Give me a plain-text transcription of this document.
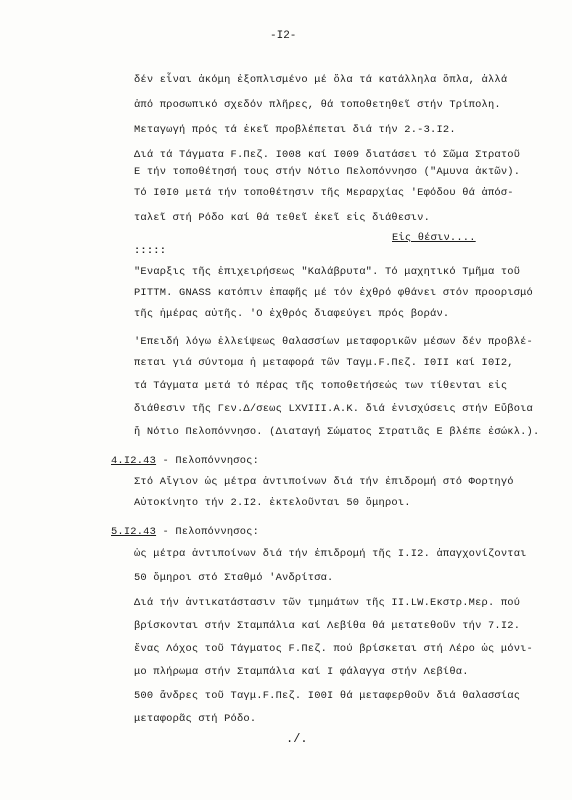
-I2-
δέν εἶναι ἀκόμη ἐξοπλισμένο μέ ὅλα τά κατάλληλα ὅπλα, ἀλλά
ἀπό προσωπικό σχεδόν πλῆρες, θά τοποθετηθεῖ στήν Τρίπολη.
Μεταγωγή πρός τά ἐκεῖ προβλέπεται διά τήν 2.-3.I2.
Διά τά Τάγματα F.Πεζ. I008 καί I009 διατάσει τό Σῶμα Στρατοῦ
Ε τήν τοποθέτησή τους στήν Νότιο Πελοπόννησο ("Αμυνα ἀκτῶν).
Τό I0I0 μετά τήν τοποθέτησιν τῆς Μεραρχίας 'Εφόδου θά ἀπόσ-
ταλεῖ στή Ρόδο καί θά τεθεῖ ἐκεῖ εἰς διάθεσιν.
Εἰς θέσιν....
:::::
"Εναρξις τῆς ἐπιχειρήσεως "Καλάβρυτα". Τό μαχητικό Τμῆμα τοῦ
PITTM. GNASS κατόπιν ἐπαφῆς μέ τόν ἐχθρό φθάνει στόν προορισμό
τῆς ἡμέρας αὐτῆς. 'Ο ἐχθρός διαφεύγει πρός βοράν.
'Επειδή λόγω ἐλλείψεως θαλασσίων μεταφορικῶν μέσων δέν προβλέ-
πεται γιά σύντομα ἡ μεταφορά τῶν Ταγμ.F.Πεζ. I0II καί I0I2,
τά Τάγματα μετά τό πέρας τῆς τοποθετήσεώς των τίθενται εἰς
διάθεσιν τῆς Γεν.Δ/σεως LXVIII.Α.Κ. διά ἐνισχύσεις στήν Εὔβοια
ἤ Νότιο Πελοπόννησο. (Διαταγή Σώματος Στρατιᾶς Ε βλέπε ἐσώκλ.).
4.I2.43 - Πελοπόννησος:
Στό Αἴγιον ὡς μέτρα ἀντιποίνων διά τήν ἐπιδρομή στό Φορτηγό
Αὐτοκίνητο τήν 2.I2. ἐκτελοῦνται 50 ὅμηροι.
5.I2.43 - Πελοπόννησος:
ὡς μέτρα ἀντιποίνων διά τήν ἐπιδρομή τῆς I.I2. ἀπαγχονίζονται
50 ὅμηροι στό Σταθμό 'Ανδρίτσα.
Διά τήν ἀντικατάστασιν τῶν τμημάτων τῆς II.LW.Εκστρ.Μερ. πού
βρίσκονται στήν Σταμπάλια καί Λεβίθα θά μετατεθοῦν τήν 7.I2.
ἕνας Λόχος τοῦ Τάγματος F.Πεζ. πού βρίσκεται στή Λέρο ὡς μόνι-
μο πλήρωμα στήν Σταμπάλια καί I φάλαγγα στήν Λεβίθα.
500 ἄνδρες τοῦ Ταγμ.F.Πεζ. I00I θά μεταφερθοῦν διά θαλασσίας
μεταφορᾶς στή Ρόδο.
./.
